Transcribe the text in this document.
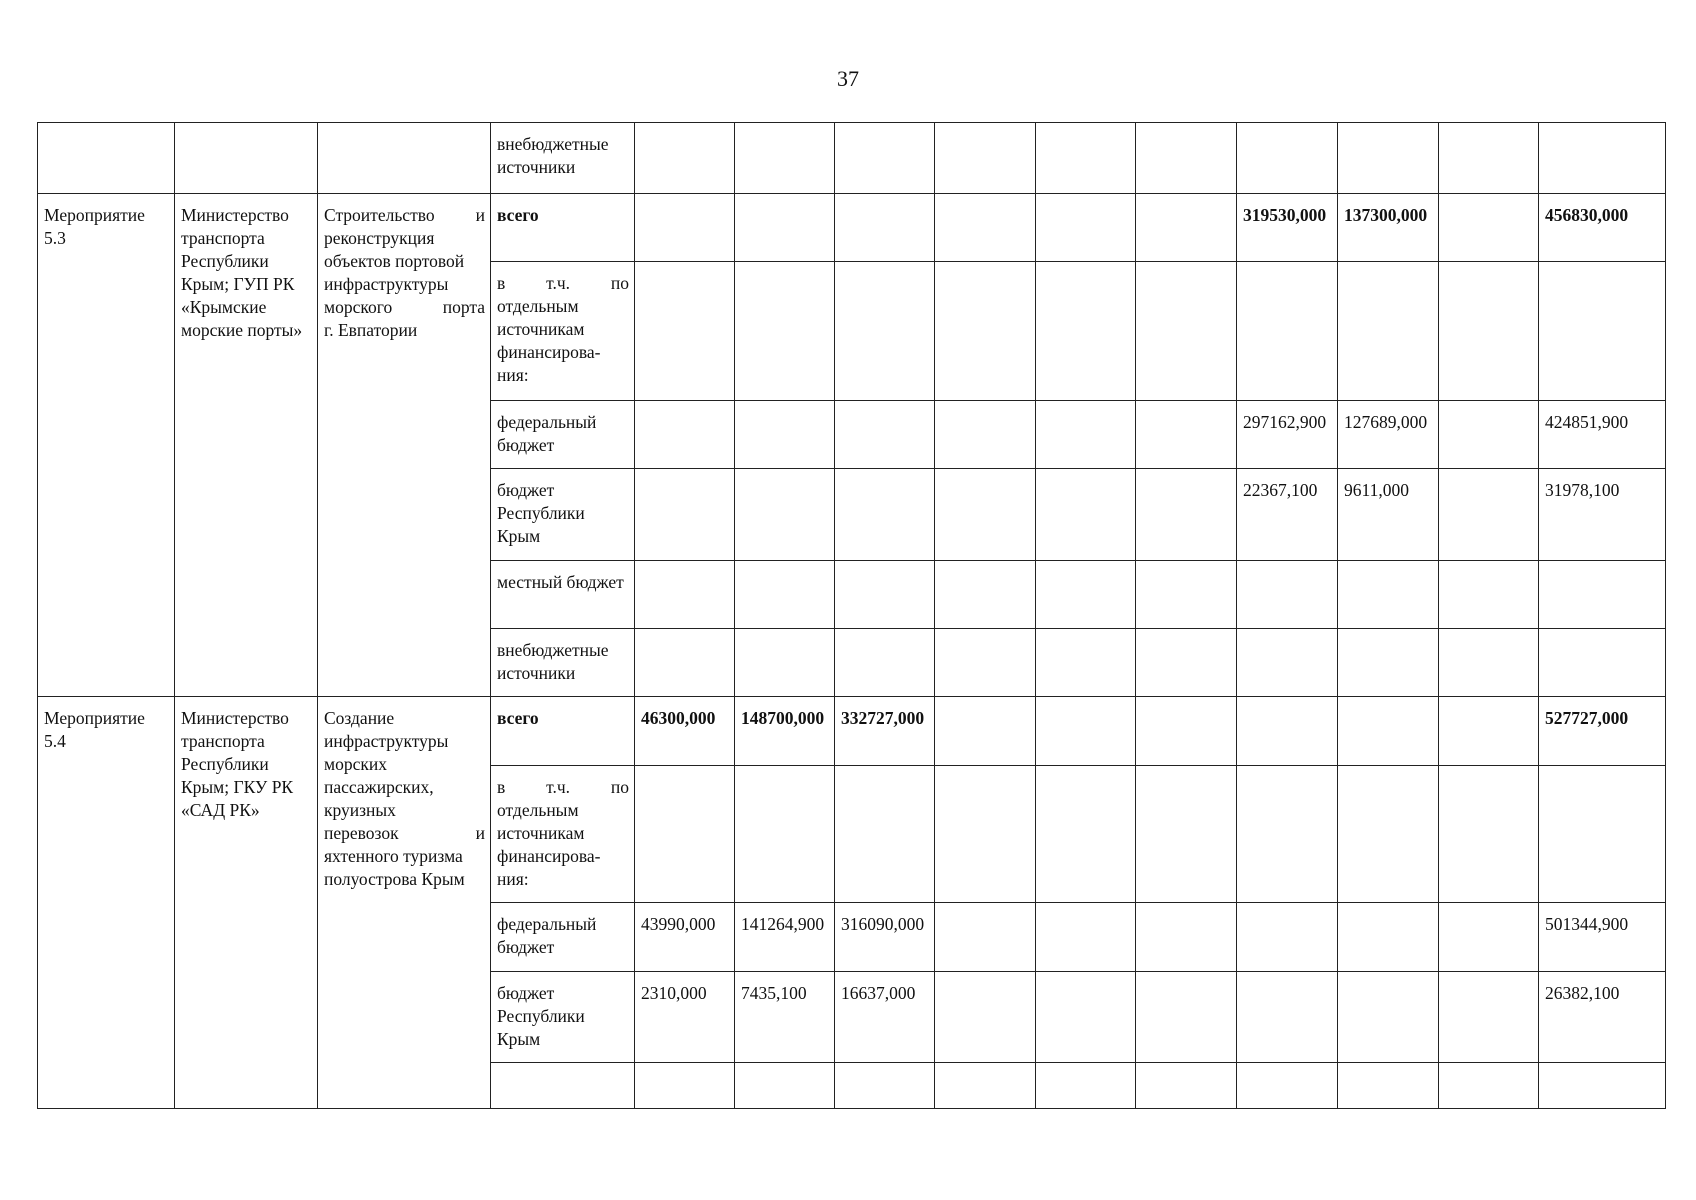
37
			внебюджетные источники										
Мероприятие 5.3	Министерство транспорта Республики Крым; ГУП РК «Крымские морские порты»	Строительство и
реконструкция объектов портовой инфраструктуры
морского порта
г. Евпатории	всего							319530,000	137300,000		456830,000

			в т.ч. по
отдельным источникам финансирова-ния:										

			федеральный бюджет							297162,900	127689,000		424851,900
			бюджет Республики Крым							22367,100	9611,000		31978,100
			местный бюджет										
			внебюджетные источники										
Мероприятие 5.4	Министерство транспорта Республики Крым; ГКУ РК «САД РК»	Создание инфраструктуры морских пассажирских, круизных
перевозок и
яхтенного туризма полуострова Крым	всего	46300,000	148700,000	332727,000							527727,000

			в т.ч. по
отдельным источникам финансирова-ния:										

			федеральный бюджет	43990,000	141264,900	316090,000							501344,900
			бюджет Республики Крым	2310,000	7435,100	16637,000							26382,100
